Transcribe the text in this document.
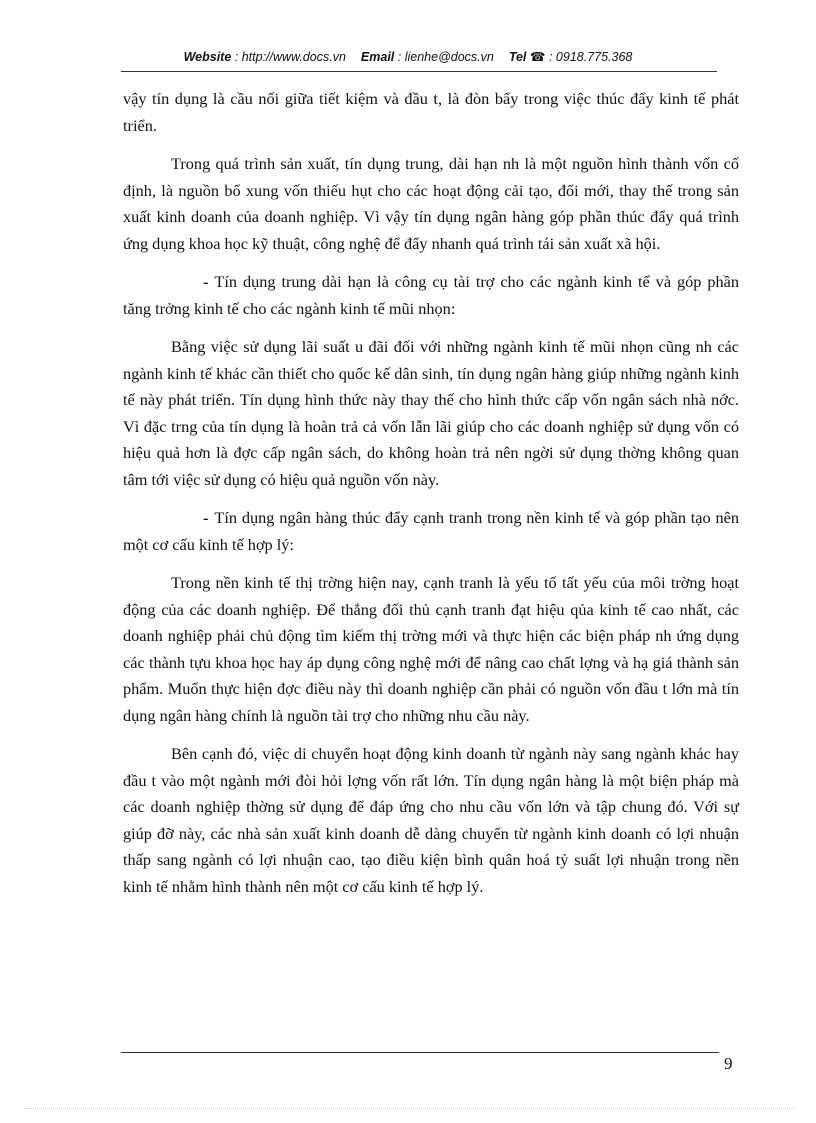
Website : http://www.docs.vn Email : lienhe@docs.vn Tel ☎ : 0918.775.368

vậy tín dụng là cầu nối giữa tiết kiệm và đầu t, là đòn bẩy trong việc thúc đẩy kinh tế phát triển.

Trong quá trình sản xuất, tín dụng trung, dài hạn nh là một nguồn hình thành vốn cố định, là nguồn bổ xung vốn thiếu hụt cho các hoạt động cải tạo, đổi mới, thay thế trong sản xuất kinh doanh của doanh nghiệp. Vì vậy tín dụng ngân hàng góp phần thúc đẩy quá trình ứng dụng khoa học kỹ thuật, công nghệ để đẩy nhanh quá trình tái sản xuất xã hội.

- Tín dụng trung dài hạn là công cụ tài trợ cho các ngành kinh tế và góp phần tăng trởng kinh tế cho các ngành kinh tế mũi nhọn:

Bằng việc sử dụng lãi suất u đãi đối với những ngành kinh tế mũi nhọn cũng nh các ngành kinh tế khác cần thiết cho quốc kế dân sinh, tín dụng ngân hàng giúp những ngành kinh tế này phát triển. Tín dụng hình thức này thay thế cho hình thức cấp vốn ngân sách nhà nớc. Vì đặc trng của tín dụng là hoàn trả cả vốn lẫn lãi giúp cho các doanh nghiệp sử dụng vốn có hiệu quả hơn là đợc cấp ngân sách, do không hoàn trả nên ngời sử dụng thờng không quan tâm tới việc sử dụng có hiệu quả nguồn vốn này.

- Tín dụng ngân hàng thúc đẩy cạnh tranh trong nền kinh tế và góp phần tạo nên một cơ cấu kinh tế hợp lý:

Trong nền kinh tế thị trờng hiện nay, cạnh tranh là yếu tố tất yếu của môi trờng hoạt động của các doanh nghiệp. Để thắng đối thủ cạnh tranh đạt hiệu qủa kinh tế cao nhất, các doanh nghiệp phải chủ động tìm kiếm thị trờng mới và thực hiện các biện pháp nh ứng dụng các thành tựu khoa học hay áp dụng công nghệ mới để nâng cao chất lợng và hạ giá thành sản phẩm. Muốn thực hiện đợc điều này thì doanh nghiệp cần phải có nguồn vốn đầu t lớn mà tín dụng ngân hàng chính là nguồn tài trợ cho những nhu cầu này.

Bên cạnh đó, việc di chuyển hoạt động kinh doanh từ ngành này sang ngành khác hay đầu t vào một ngành mới đòi hỏi lợng vốn rất lớn. Tín dụng ngân hàng là một biện pháp mà các doanh nghiệp thờng sử dụng để đáp ứng cho nhu cầu vốn lớn và tập chung đó. Với sự giúp đỡ này, các nhà sản xuất kinh doanh dễ dàng chuyển từ ngành kinh doanh có lợi nhuận thấp sang ngành có lợi nhuận cao, tạo điều kiện bình quân hoá tỷ suất lợi nhuận trong nền kinh tế nhằm hình thành nên một cơ cấu kinh tế hợp lý.

9
